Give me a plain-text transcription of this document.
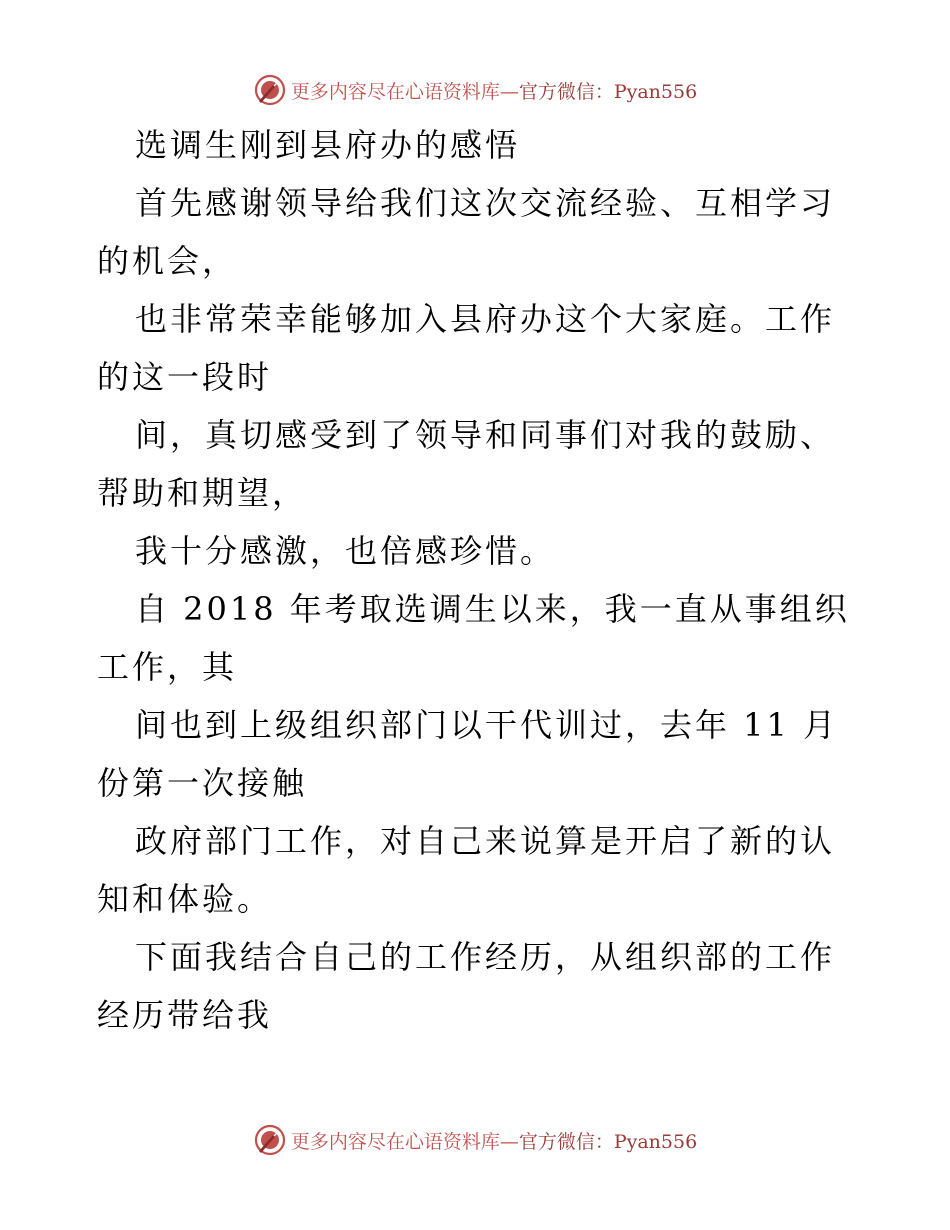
更多内容尽在心语资料库—官方微信：Pyan556

选调生刚到县府办的感悟

首先感谢领导给我们这次交流经验、互相学习的机会，

也非常荣幸能够加入县府办这个大家庭。工作的这一段时

间，真切感受到了领导和同事们对我的鼓励、帮助和期望，

我十分感激，也倍感珍惜。

自 2018 年考取选调生以来，我一直从事组织工作，其

间也到上级组织部门以干代训过，去年 11 月份第一次接触

政府部门工作，对自己来说算是开启了新的认知和体验。

下面我结合自己的工作经历，从组织部的工作经历带给我

更多内容尽在心语资料库—官方微信：Pyan556
